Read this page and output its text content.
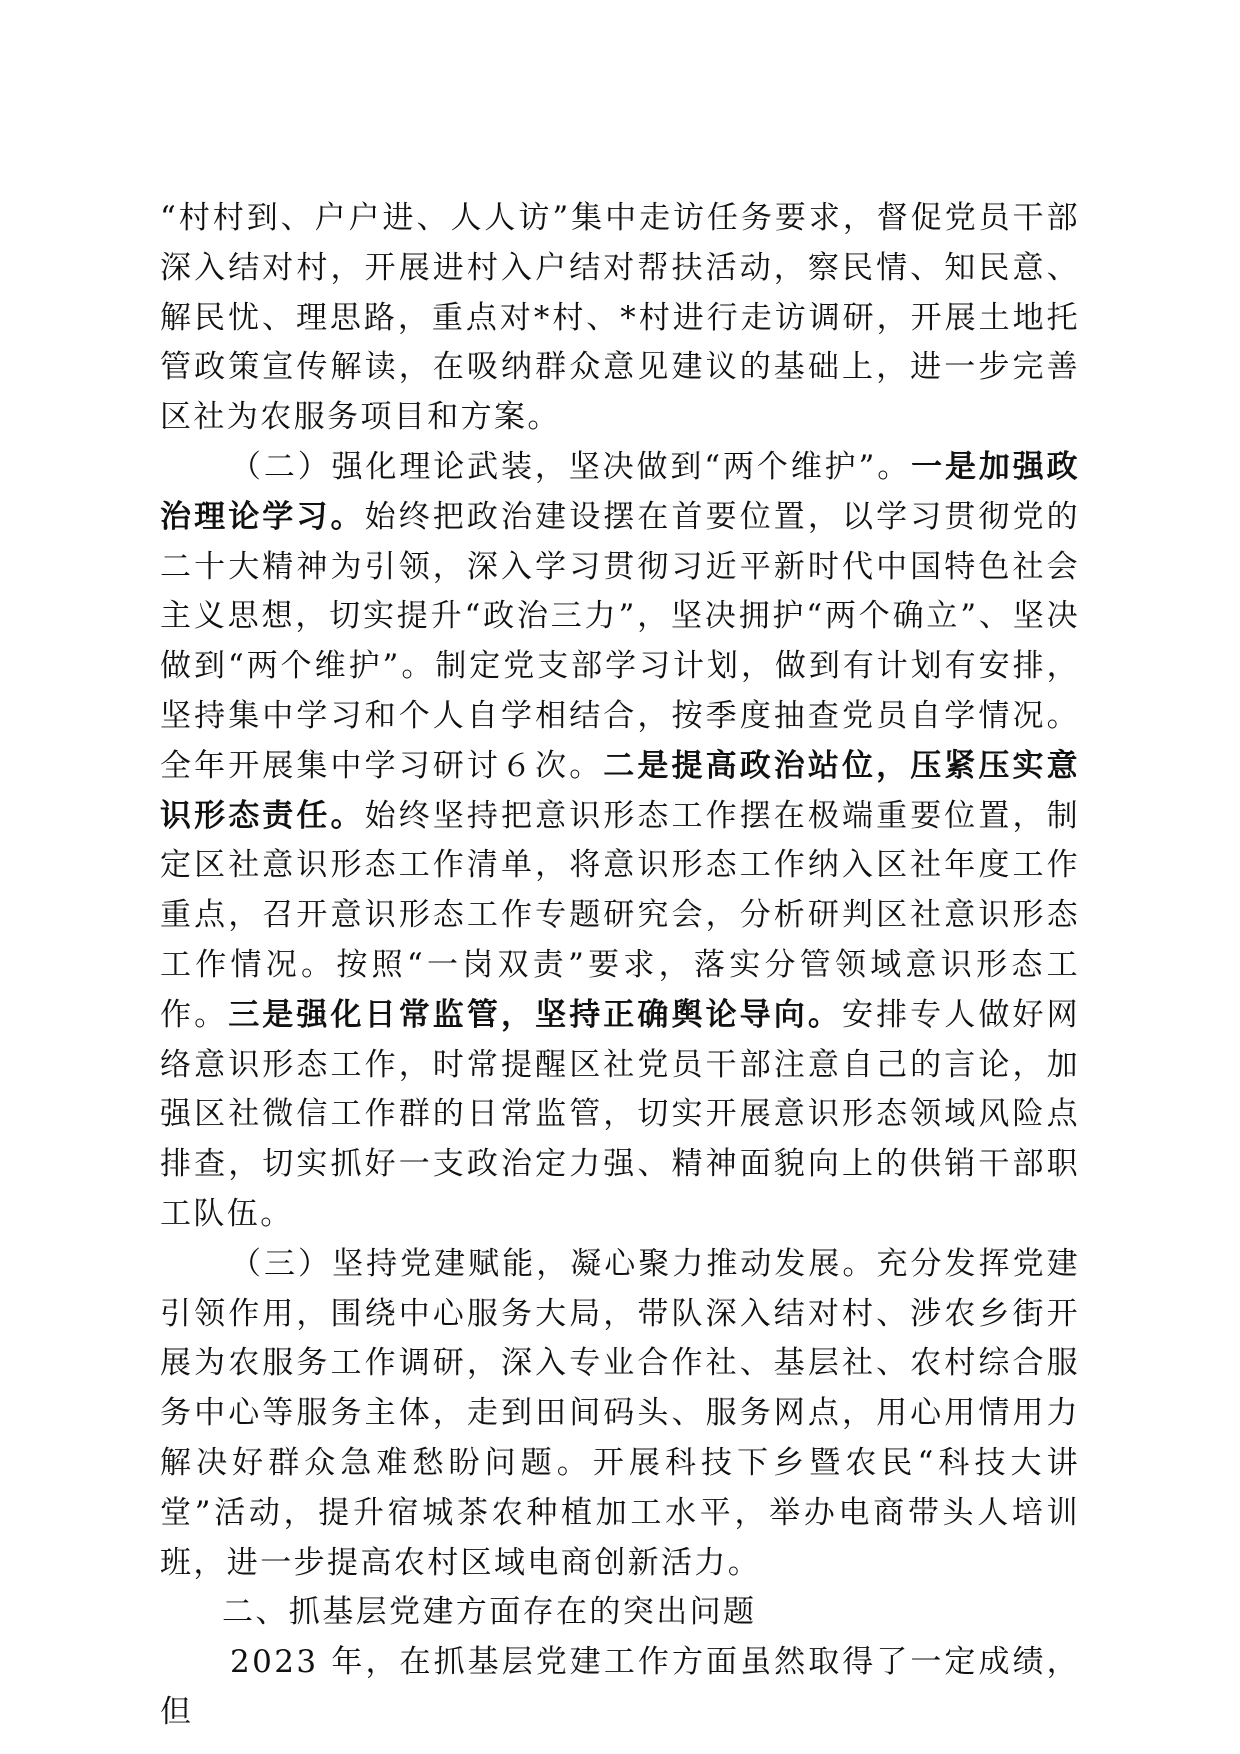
“村村到、户户进、人人访”集中走访任务要求，督促党员干部深入结对村，开展进村入户结对帮扶活动，察民情、知民意、解民忧、理思路，重点对*村、*村进行走访调研，开展土地托管政策宣传解读，在吸纳群众意见建议的基础上，进一步完善区社为农服务项目和方案。

（二）强化理论武装，坚决做到“两个维护”。一是加强政治理论学习。始终把政治建设摆在首要位置，以学习贯彻党的二十大精神为引领，深入学习贯彻习近平新时代中国特色社会主义思想，切实提升“政治三力”，坚决拥护“两个确立”、坚决做到“两个维护”。制定党支部学习计划，做到有计划有安排，坚持集中学习和个人自学相结合，按季度抽查党员自学情况。全年开展集中学习研讨６次。二是提高政治站位，压紧压实意识形态责任。始终坚持把意识形态工作摆在极端重要位置，制定区社意识形态工作清单，将意识形态工作纳入区社年度工作重点，召开意识形态工作专题研究会，分析研判区社意识形态工作情况。按照“一岗双责”要求，落实分管领域意识形态工作。三是强化日常监管，坚持正确舆论导向。安排专人做好网络意识形态工作，时常提醒区社党员干部注意自己的言论，加强区社微信工作群的日常监管，切实开展意识形态领域风险点排查，切实抓好一支政治定力强、精神面貌向上的供销干部职工队伍。

（三）坚持党建赋能，凝心聚力推动发展。充分发挥党建引领作用，围绕中心服务大局，带队深入结对村、涉农乡街开展为农服务工作调研，深入专业合作社、基层社、农村综合服务中心等服务主体，走到田间码头、服务网点，用心用情用力解决好群众急难愁盼问题。开展科技下乡暨农民“科技大讲堂”活动，提升宿城茶农种植加工水平，举办电商带头人培训班，进一步提高农村区域电商创新活力。

二、抓基层党建方面存在的突出问题

2023 年，在抓基层党建工作方面虽然取得了一定成绩，但
